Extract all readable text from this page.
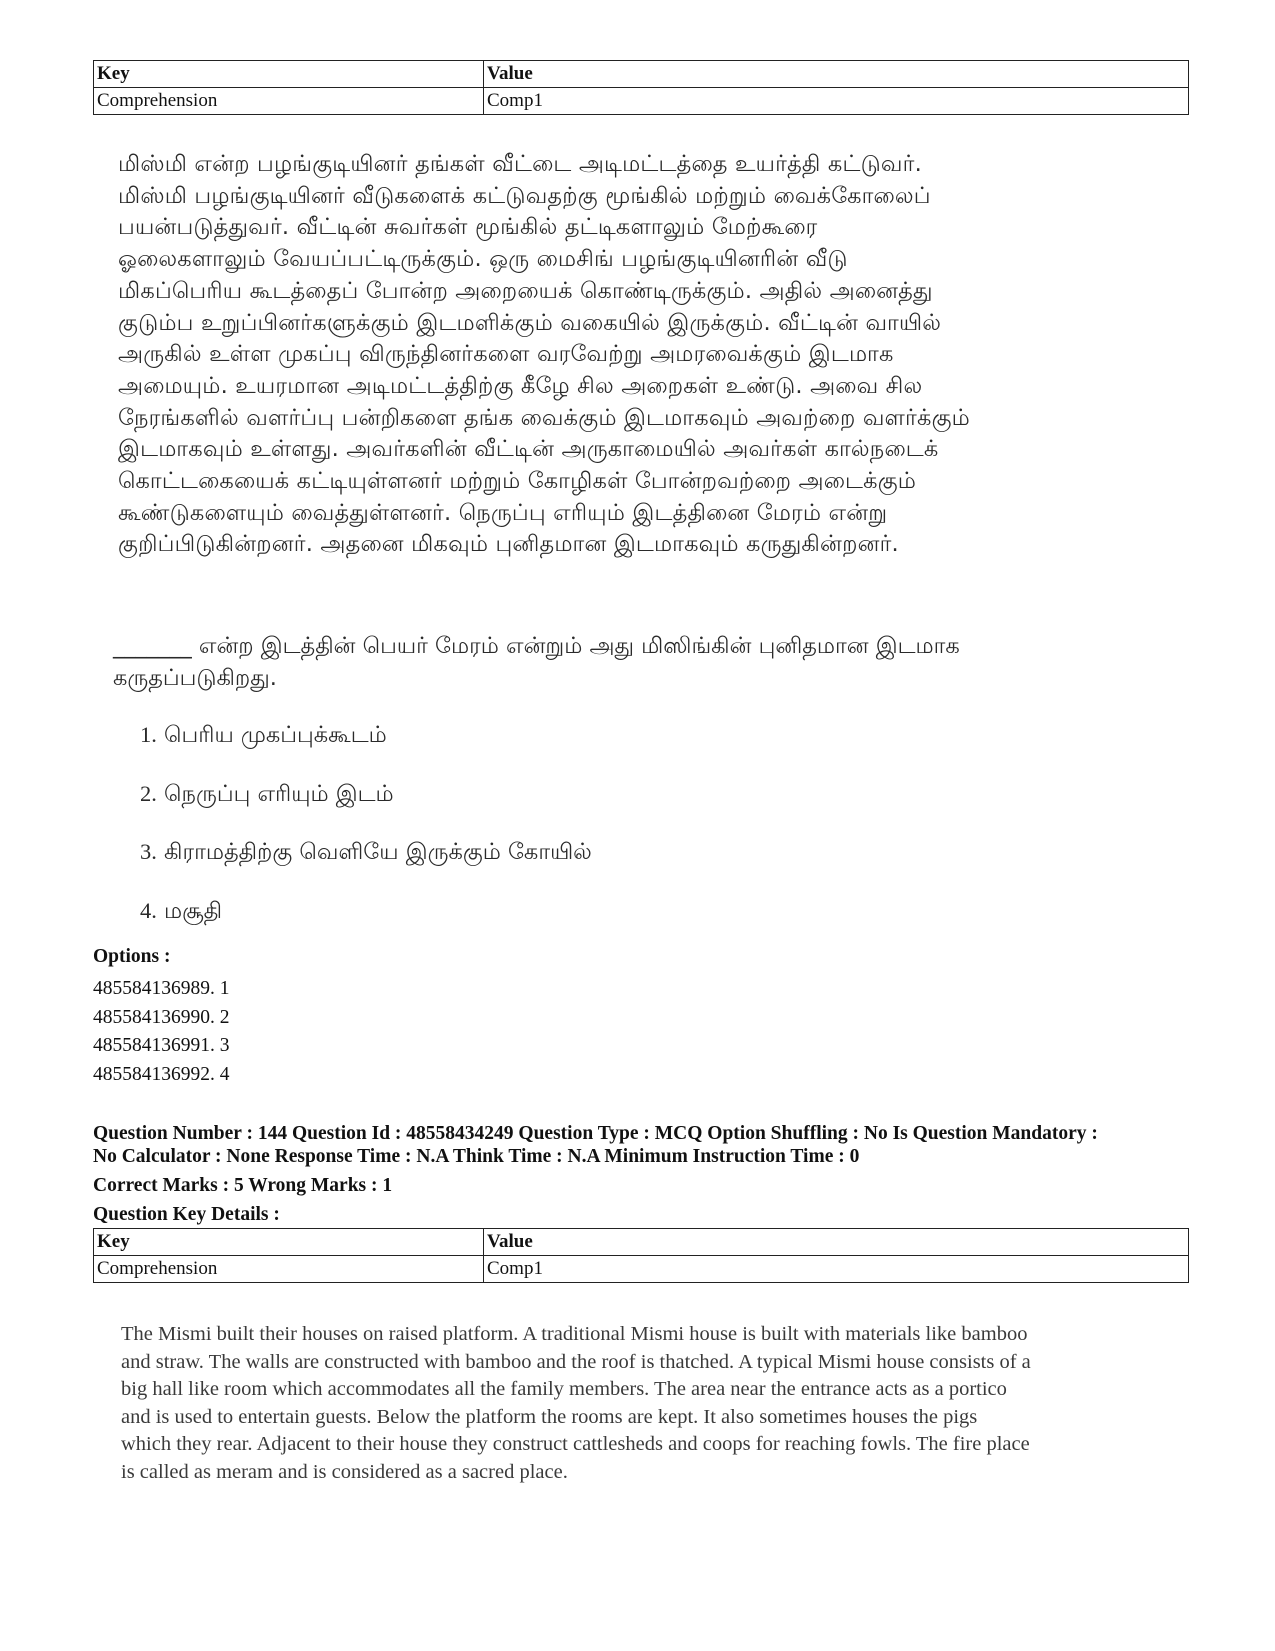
Key	Value
Comprehension	Comp1

மிஸ்மி என்ற பழங்குடியினர் தங்கள் வீட்டை அடிமட்டத்தை உயர்த்தி கட்டுவர்.

மிஸ்மி பழங்குடியினர் வீடுகளைக் கட்டுவதற்கு மூங்கில் மற்றும் வைக்கோலைப்

பயன்படுத்துவர். வீட்டின் சுவர்கள் மூங்கில் தட்டிகளாலும் மேற்கூரை

ஓலைகளாலும் வேயப்பட்டிருக்கும். ஒரு மைசிங் பழங்குடியினரின் வீடு

மிகப்பெரிய கூடத்தைப் போன்ற அறையைக் கொண்டிருக்கும். அதில் அனைத்து

குடும்ப உறுப்பினர்களுக்கும் இடமளிக்கும் வகையில் இருக்கும். வீட்டின் வாயில்

அருகில் உள்ள முகப்பு விருந்தினர்களை வரவேற்று அமரவைக்கும் இடமாக

அமையும். உயரமான அடிமட்டத்திற்கு கீழே சில அறைகள் உண்டு. அவை சில

நேரங்களில் வளர்ப்பு பன்றிகளை தங்க வைக்கும் இடமாகவும் அவற்றை வளர்க்கும்

இடமாகவும் உள்ளது. அவர்களின் வீட்டின் அருகாமையில் அவர்கள் கால்நடைக்

கொட்டகையைக் கட்டியுள்ளனர் மற்றும் கோழிகள் போன்றவற்றை அடைக்கும்

கூண்டுகளையும் வைத்துள்ளனர். நெருப்பு எரியும் இடத்தினை மேரம் என்று

குறிப்பிடுகின்றனர். அதனை மிகவும் புனிதமான இடமாகவும் கருதுகின்றனர்.

_______ என்ற இடத்தின் பெயர் மேரம் என்றும் அது மிஸிங்கின் புனிதமான இடமாக

கருதப்படுகிறது.

1. பெரிய முகப்புக்கூடம்
2. நெருப்பு எரியும் இடம்
3. கிராமத்திற்கு வெளியே இருக்கும் கோயில்
4. மசூதி
Options :
485584136989. 1
485584136990. 2
485584136991. 3
485584136992. 4
Question Number : 144 Question Id : 48558434249 Question Type : MCQ Option Shuffling : No Is Question Mandatory :
No Calculator : None Response Time : N.A Think Time : N.A Minimum Instruction Time : 0
Correct Marks : 5 Wrong Marks : 1
Question Key Details :
Key	Value
Comprehension	Comp1

The Mismi built their houses on raised platform. A traditional Mismi house is built with materials like bamboo

and straw. The walls are constructed with bamboo and the roof is thatched. A typical Mismi house consists of a

big hall like room which accommodates all the family members. The area near the entrance acts as a portico

and is used to entertain guests. Below the platform the rooms are kept. It also sometimes houses the pigs

which they rear. Adjacent to their house they construct cattlesheds and coops for reaching fowls. The fire place

is called as meram and is considered as a sacred place.
